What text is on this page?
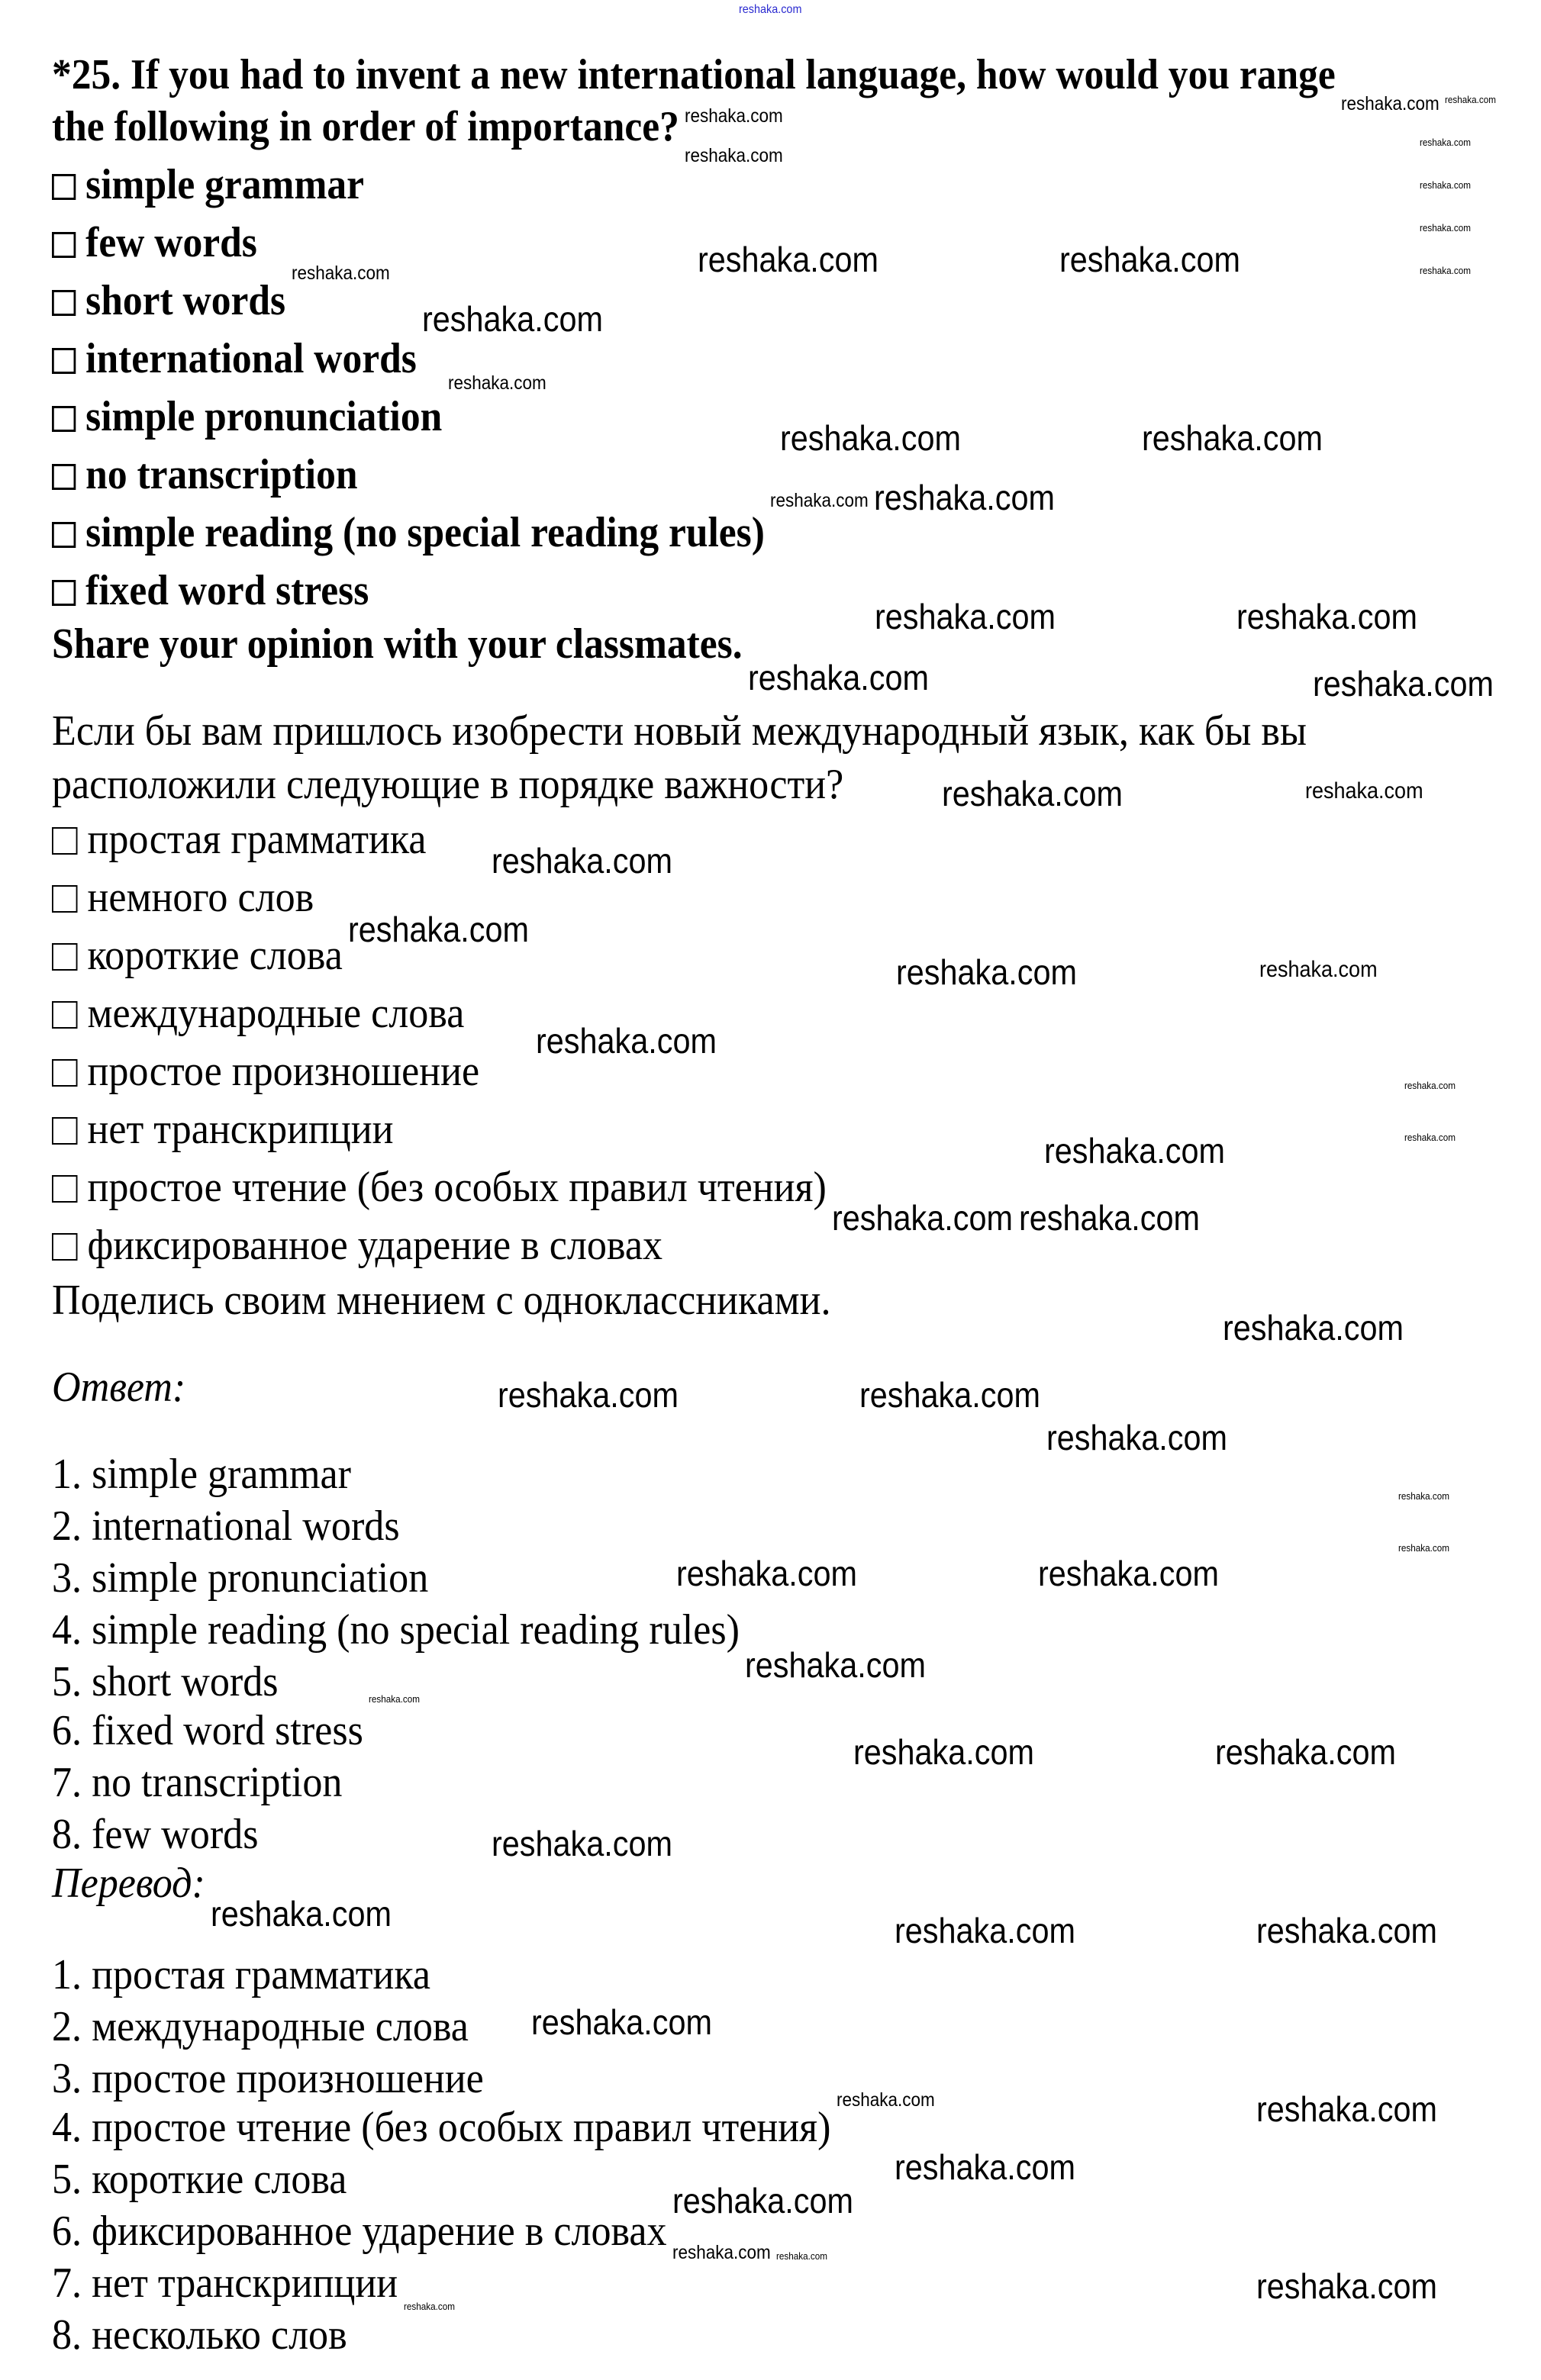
*25. If you had to invent a new international language, how would you range
the following in order of importance?
simple grammar
few words
short words
international words
simple pronunciation
no transcription
simple reading (no special reading rules)
fixed word stress
Share your opinion with your classmates.
Если бы вам пришлось изобрести новый международный язык, как бы вы
расположили следующие в порядке важности?
простая грамматика
немного слов
короткие слова
международные слова
простое произношение
нет транскрипции
простое чтение (без особых правил чтения)
фиксированное ударение в словах
Поделись своим мнением с одноклассниками.
Ответ:
1. simple grammar
2. international words
3. simple pronunciation
4. simple reading (no special reading rules)
5. short words
6. fixed word stress
7. no transcription
8. few words
Перевод:
1. простая грамматика
2. международные слова
3. простое произношение
4. простое чтение (без особых правил чтения)
5. короткие слова
6. фиксированное ударение в словах
7. нет транскрипции
8. несколько слов
reshaka.com
reshaka.com
reshaka.com
reshaka.com
reshaka.com
reshaka.com
reshaka.com
reshaka.com
reshaka.com
reshaka.com
reshaka.com
reshaka.com
reshaka.com
reshaka.com
reshaka.com
reshaka.com
reshaka.com
reshaka.com
reshaka.com
reshaka.com
reshaka.com
reshaka.com	reshaka.com
reshaka.com
reshaka.com	reshaka.com
reshaka.com
reshaka.com	reshaka.com
reshaka.com
reshaka.com
reshaka.com
reshaka.com
reshaka.com
reshaka.com
reshaka.com
reshaka.com
reshaka.com reshaka.com
reshaka.com
reshaka.com	reshaka.com
reshaka.com
reshaka.com	reshaka.com
reshaka.com
reshaka.com	reshaka.com
reshaka.com
reshaka.com	reshaka.com	reshaka.com
reshaka.com
reshaka.com
reshaka.com
reshaka.com
reshaka.com
reshaka.com
reshaka.com
